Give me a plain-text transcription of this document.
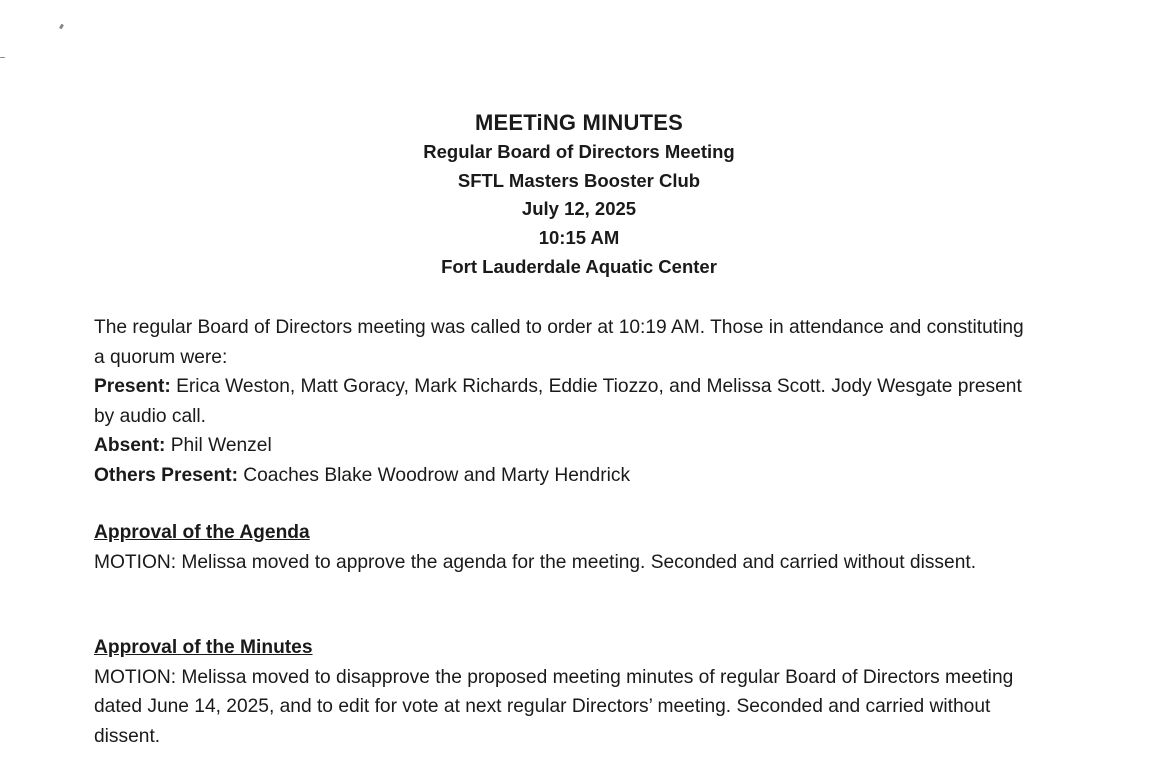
MEETiNG MINUTES
Regular Board of Directors Meeting
SFTL Masters Booster Club
July 12, 2025
10:15 AM
Fort Lauderdale Aquatic Center

The regular Board of Directors meeting was called to order at 10:19 AM. Those in attendance and constituting a quorum were:

Present: Erica Weston, Matt Goracy, Mark Richards, Eddie Tiozzo, and Melissa Scott. Jody Wesgate present by audio call.

Absent: Phil Wenzel

Others Present: Coaches Blake Woodrow and Marty Hendrick

Approval of the Agenda

MOTION: Melissa moved to approve the agenda for the meeting. Seconded and carried without dissent.

Approval of the Minutes

MOTION: Melissa moved to disapprove the proposed meeting minutes of regular Board of Directors meeting dated June 14, 2025, and to edit for vote at next regular Directors’ meeting. Seconded and carried without dissent.
